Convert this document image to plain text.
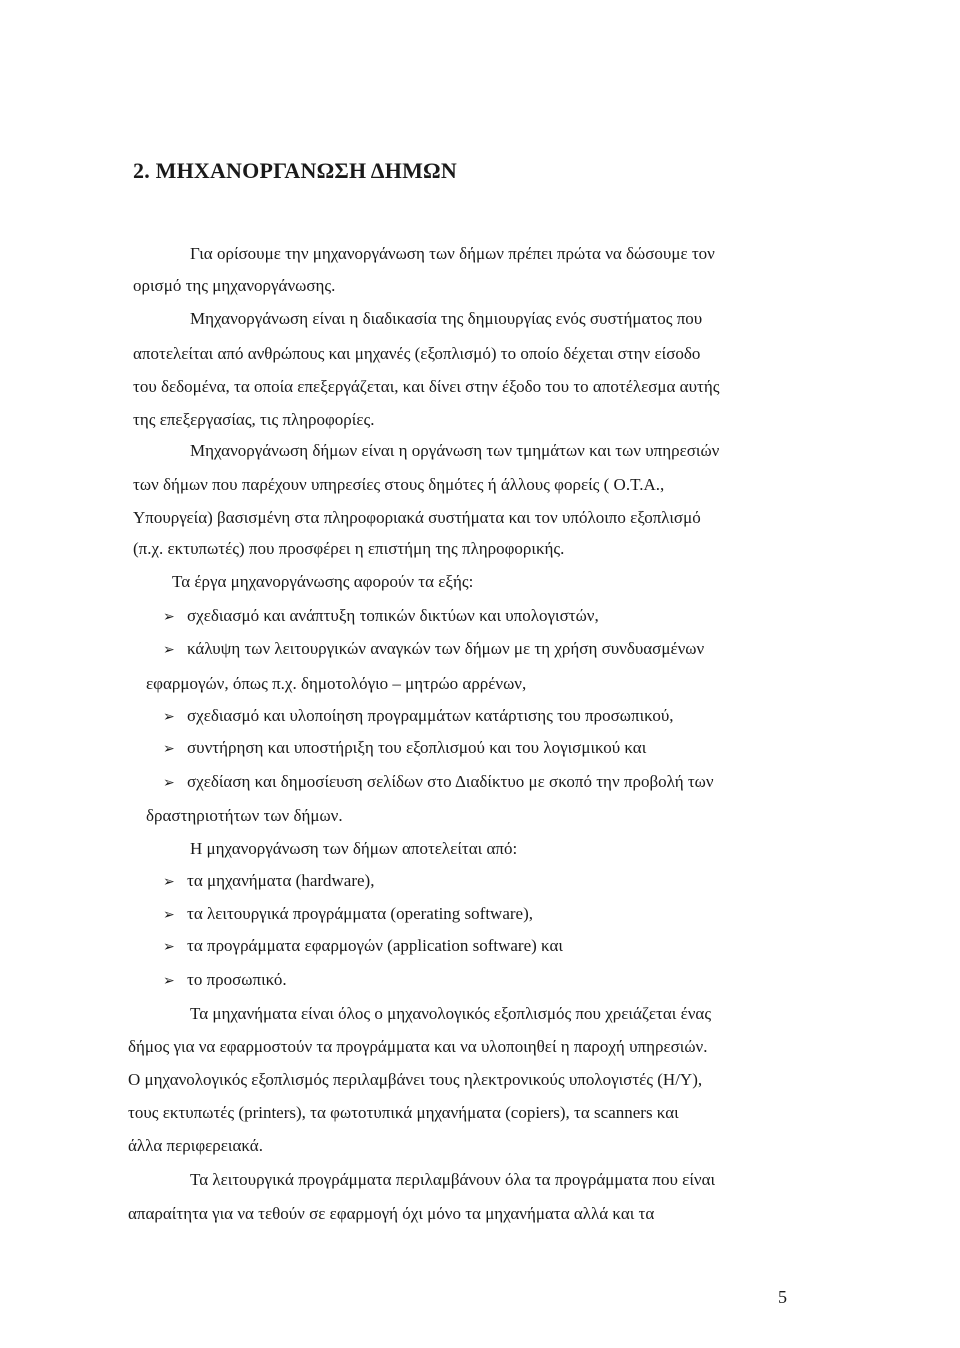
2. ΜΗΧΑΝΟΡΓΑΝΩΣΗ ΔΗΜΩΝ
Για ορίσουμε την μηχανοργάνωση των δήμων πρέπει πρώτα να δώσουμε τον
ορισμό της μηχανοργάνωσης.
Μηχανοργάνωση είναι η διαδικασία της δημιουργίας ενός συστήματος που
αποτελείται από ανθρώπους και μηχανές (εξοπλισμό) το οποίο δέχεται στην είσοδο
του δεδομένα, τα οποία επεξεργάζεται, και δίνει στην έξοδο του το αποτέλεσμα αυτής
της επεξεργασίας, τις πληροφορίες.
Μηχανοργάνωση δήμων είναι η οργάνωση των τμημάτων και των υπηρεσιών
των δήμων που παρέχουν υπηρεσίες στους δημότες ή άλλους φορείς ( Ο.Τ.Α.,
Υπουργεία) βασισμένη στα πληροφοριακά συστήματα και τον υπόλοιπο εξοπλισμό
(π.χ. εκτυπωτές) που προσφέρει η επιστήμη της πληροφορικής.
Τα έργα μηχανοργάνωσης αφορούν τα εξής:
➢ σχεδιασμό και ανάπτυξη τοπικών δικτύων και υπολογιστών,
➢ κάλυψη των λειτουργικών αναγκών των δήμων με τη χρήση συνδυασμένων
εφαρμογών, όπως π.χ. δημοτολόγιο – μητρώο αρρένων,
➢ σχεδιασμό και υλοποίηση προγραμμάτων κατάρτισης του προσωπικού,
➢ συντήρηση και υποστήριξη του εξοπλισμού και του λογισμικού και
➢ σχεδίαση και δημοσίευση σελίδων στο Διαδίκτυο με σκοπό την προβολή των
δραστηριοτήτων των δήμων.
Η μηχανοργάνωση των δήμων αποτελείται από:
➢ τα μηχανήματα (hardware),
➢ τα λειτουργικά προγράμματα (operating software),
➢ τα προγράμματα εφαρμογών (application software) και
➢ το προσωπικό.
Τα μηχανήματα είναι όλος ο μηχανολογικός εξοπλισμός που χρειάζεται ένας
δήμος για να εφαρμοστούν τα προγράμματα και να υλοποιηθεί η παροχή υπηρεσιών.
Ο μηχανολογικός εξοπλισμός περιλαμβάνει τους ηλεκτρονικούς υπολογιστές (Η/Υ),
τους εκτυπωτές (printers), τα φωτοτυπικά μηχανήματα (copiers), τα scanners και
άλλα περιφερειακά.
Τα λειτουργικά προγράμματα περιλαμβάνουν όλα τα προγράμματα που είναι
απαραίτητα για να τεθούν σε εφαρμογή όχι μόνο τα μηχανήματα αλλά και τα
5
